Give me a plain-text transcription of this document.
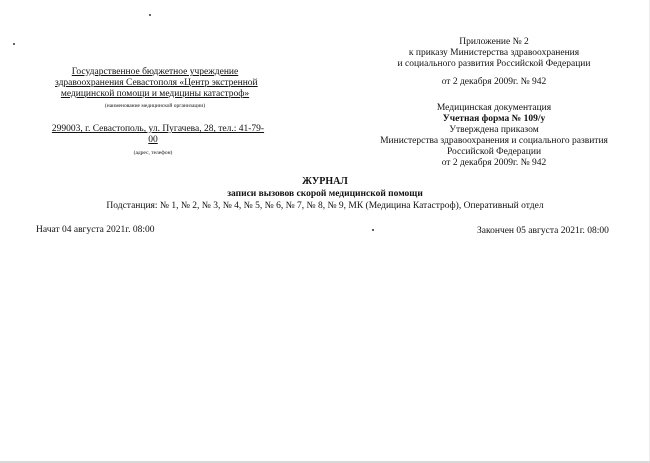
Приложение № 2
к приказу Министерства здравоохранения
и социального развития Российской Федерации
от 2 декабря 2009г. № 942
Государственное бюджетное учреждение
здравоохранения Севастополя «Центр экстренной
медицинской помощи и медицины катастроф»
(наименование медицинской организации)
299003, г. Севастополь, ул. Пугачева, 28, тел.: 41-79-
00
(адрес, телефон)
Медицинская документация
Учетная форма № 109/у
Утверждена приказом
Министерства здравоохранения и социального развития
Российской Федерации
от 2 декабря 2009г. № 942
ЖУРНАЛ
записи вызовов скорой медицинской помощи
Подстанция: № 1, № 2, № 3, № 4, № 5, № 6, № 7, № 8, № 9, МК (Медицина Катастроф), Оперативный отдел
Начат 04 августа 2021г. 08:00	Закончен 05 августа 2021г. 08:00
